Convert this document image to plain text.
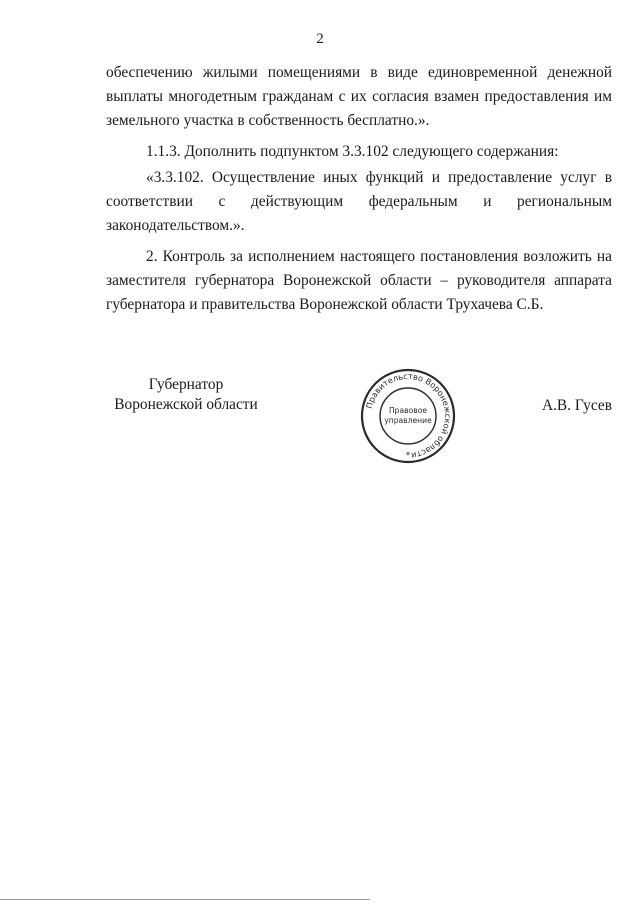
2
обеспечению жилыми помещениями в виде единовременной денежной выплаты многодетным гражданам с их согласия взамен предоставления им земельного участка в собственность бесплатно.».
1.1.3. Дополнить подпунктом 3.3.102 следующего содержания:
«3.3.102. Осуществление иных функций и предоставление услуг в соответствии с действующим федеральным и региональным законодательством.».
2. Контроль за исполнением настоящего постановления возложить на заместителя губернатора Воронежской области – руководителя аппарата губернатора и правительства Воронежской области Трухачева С.Б.
Губернатор
Воронежской области	Правительство Воронежской области
Правовое
управление
*
А.В. Гусев
